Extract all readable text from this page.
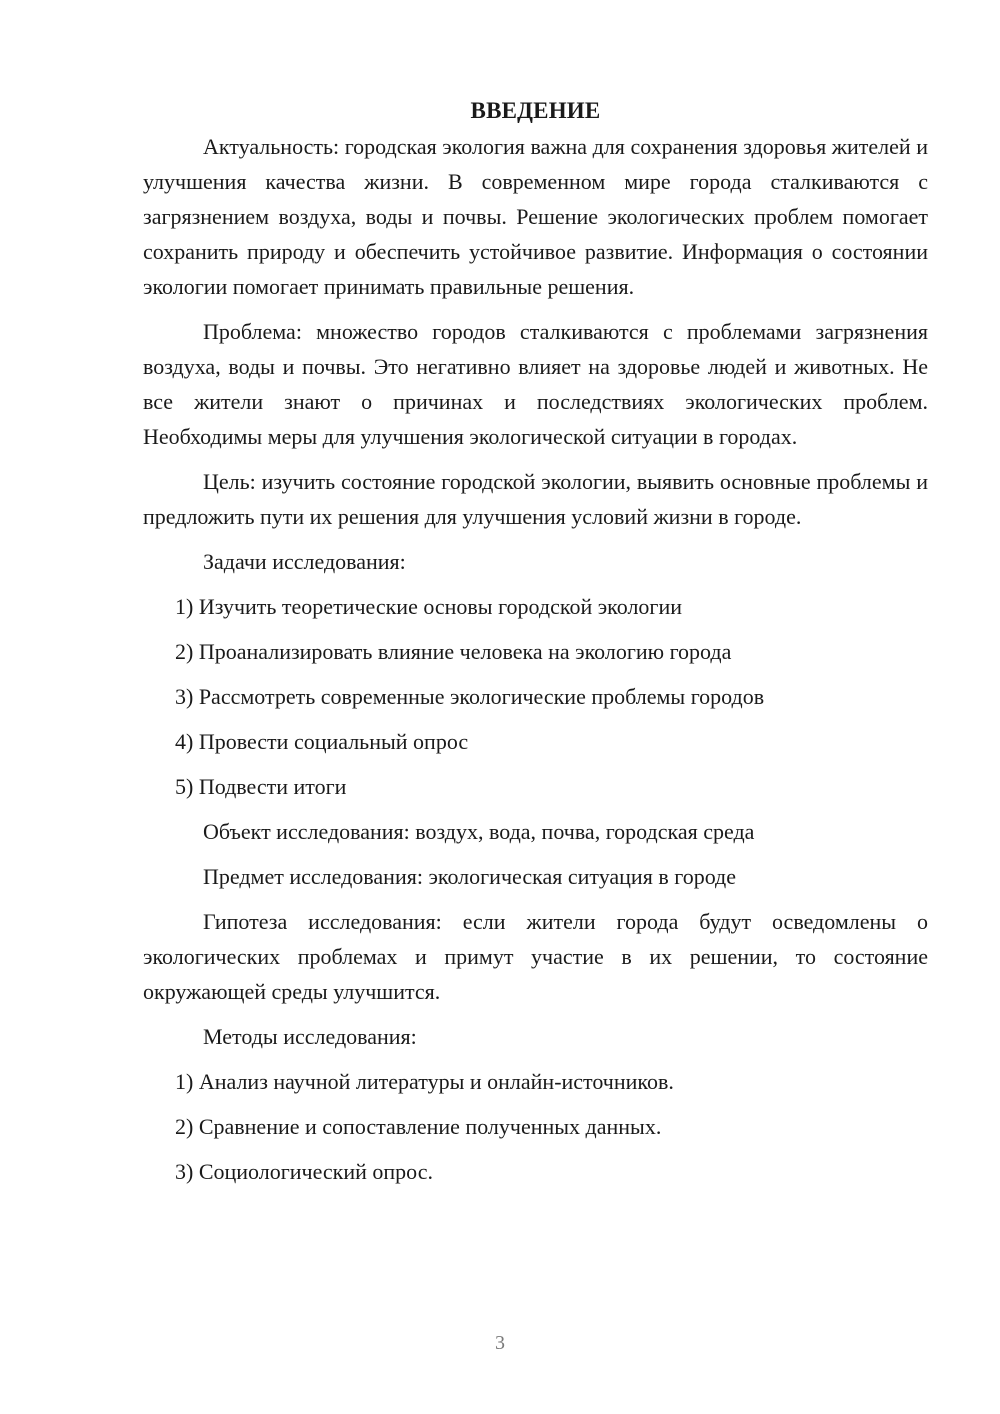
ВВЕДЕНИЕ

Актуальность: городская экология важна для сохранения здоровья жителей и улучшения качества жизни. В современном мире города сталкиваются с загрязнением воздуха, воды и почвы. Решение экологических проблем помогает сохранить природу и обеспечить устойчивое развитие. Информация о состоянии экологии помогает принимать правильные решения.

Проблема: множество городов сталкиваются с проблемами загрязнения воздуха, воды и почвы. Это негативно влияет на здоровье людей и животных. Не все жители знают о причинах и последствиях экологических проблем. Необходимы меры для улучшения экологической ситуации в городах.

Цель: изучить состояние городской экологии, выявить основные проблемы и предложить пути их решения для улучшения условий жизни в городе.

Задачи исследования:
1) Изучить теоретические основы городской экологии
2) Проанализировать влияние человека на экологию города
3) Рассмотреть современные экологические проблемы городов
4) Провести социальный опрос
5) Подвести итоги
Объект исследования: воздух, вода, почва, городская среда
Предмет исследования: экологическая ситуация в городе

Гипотеза исследования: если жители города будут осведомлены о экологических проблемах и примут участие в их решении, то состояние окружающей среды улучшится.

Методы исследования:
1) Анализ научной литературы и онлайн-источников.
2) Сравнение и сопоставление полученных данных.
3) Социологический опрос.
3
